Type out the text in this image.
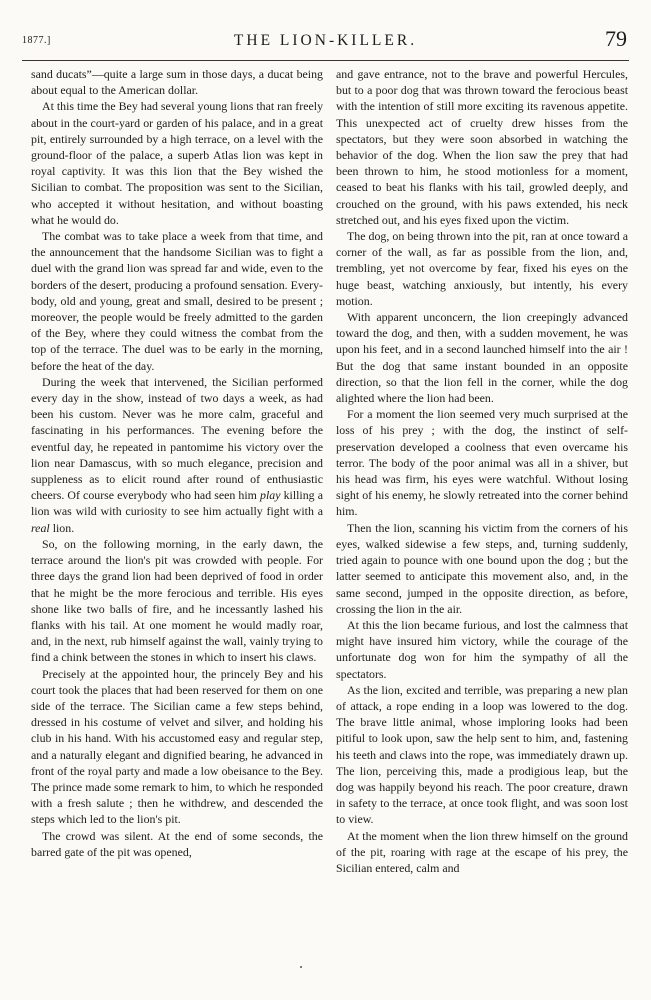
1877.]	THE LION-KILLER.	79

sand ducats”—quite a large sum in those days, a ducat being about equal to the American dollar.

At this time the Bey had several young lions that ran freely about in the court-yard or garden of his palace, and in a great pit, entirely surrounded by a high terrace, on a level with the ground-floor of the palace, a superb Atlas lion was kept in royal captivity. It was this lion that the Bey wished the Sicilian to combat. The proposition was sent to the Sicilian, who accepted it without hesitation, and without boasting what he would do.

The combat was to take place a week from that time, and the announcement that the handsome Sicilian was to fight a duel with the grand lion was spread far and wide, even to the borders of the desert, producing a profound sensation. Everybody, old and young, great and small, desired to be present ; moreover, the people would be freely admitted to the garden of the Bey, where they could witness the combat from the top of the terrace. The duel was to be early in the morning, before the heat of the day.

During the week that intervened, the Sicilian performed every day in the show, instead of two days a week, as had been his custom. Never was he more calm, graceful and fascinating in his performances. The evening before the eventful day, he repeated in pantomime his victory over the lion near Damascus, with so much elegance, precision and suppleness as to elicit round after round of enthusiastic cheers. Of course everybody who had seen him play killing a lion was wild with curiosity to see him actually fight with a real lion.

So, on the following morning, in the early dawn, the terrace around the lion's pit was crowded with people. For three days the grand lion had been deprived of food in order that he might be the more ferocious and terrible. His eyes shone like two balls of fire, and he incessantly lashed his flanks with his tail. At one moment he would madly roar, and, in the next, rub himself against the wall, vainly trying to find a chink between the stones in which to insert his claws.

Precisely at the appointed hour, the princely Bey and his court took the places that had been reserved for them on one side of the terrace. The Sicilian came a few steps behind, dressed in his costume of velvet and silver, and holding his club in his hand. With his accustomed easy and regular step, and a naturally elegant and dignified bearing, he advanced in front of the royal party and made a low obeisance to the Bey. The prince made some remark to him, to which he responded with a fresh salute ; then he withdrew, and descended the steps which led to the lion's pit.

The crowd was silent. At the end of some seconds, the barred gate of the pit was opened,

and gave entrance, not to the brave and powerful Hercules, but to a poor dog that was thrown toward the ferocious beast with the intention of still more exciting its ravenous appetite. This unexpected act of cruelty drew hisses from the spectators, but they were soon absorbed in watching the behavior of the dog. When the lion saw the prey that had been thrown to him, he stood motionless for a moment, ceased to beat his flanks with his tail, growled deeply, and crouched on the ground, with his paws extended, his neck stretched out, and his eyes fixed upon the victim.

The dog, on being thrown into the pit, ran at once toward a corner of the wall, as far as possible from the lion, and, trembling, yet not overcome by fear, fixed his eyes on the huge beast, watching anxiously, but intently, his every motion.

With apparent unconcern, the lion creepingly advanced toward the dog, and then, with a sudden movement, he was upon his feet, and in a second launched himself into the air ! But the dog that same instant bounded in an opposite direction, so that the lion fell in the corner, while the dog alighted where the lion had been.

For a moment the lion seemed very much surprised at the loss of his prey ; with the dog, the instinct of self-preservation developed a coolness that even overcame his terror. The body of the poor animal was all in a shiver, but his head was firm, his eyes were watchful. Without losing sight of his enemy, he slowly retreated into the corner behind him.

Then the lion, scanning his victim from the corners of his eyes, walked sidewise a few steps, and, turning suddenly, tried again to pounce with one bound upon the dog ; but the latter seemed to anticipate this movement also, and, in the same second, jumped in the opposite direction, as before, crossing the lion in the air.

At this the lion became furious, and lost the calmness that might have insured him victory, while the courage of the unfortunate dog won for him the sympathy of all the spectators.

As the lion, excited and terrible, was preparing a new plan of attack, a rope ending in a loop was lowered to the dog. The brave little animal, whose imploring looks had been pitiful to look upon, saw the help sent to him, and, fastening his teeth and claws into the rope, was immediately drawn up. The lion, perceiving this, made a prodigious leap, but the dog was happily beyond his reach. The poor creature, drawn in safety to the terrace, at once took flight, and was soon lost to view.

At the moment when the lion threw himself on the ground of the pit, roaring with rage at the escape of his prey, the Sicilian entered, calm and
